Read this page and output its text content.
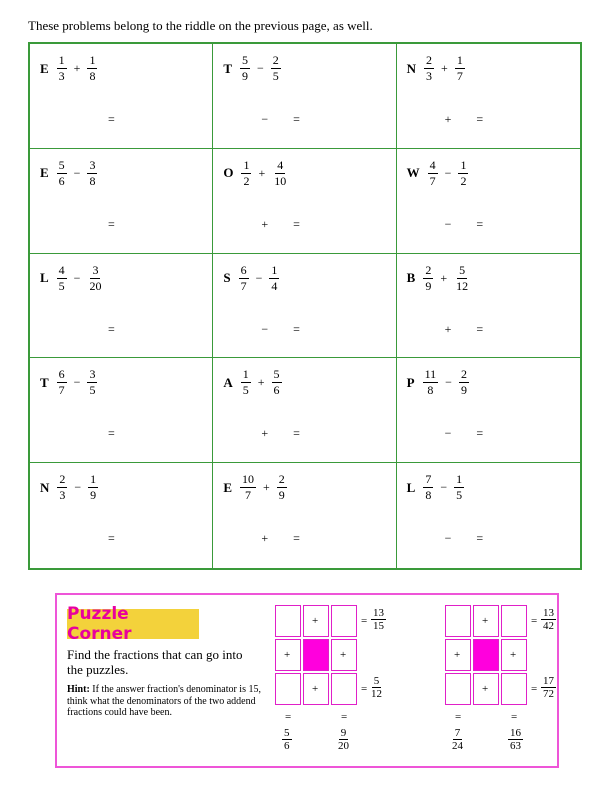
These problems belong to the riddle on the previous page, as well.
E $\frac{1}{3} + \frac{1}{8}$
=
T $\frac{5}{9} - \frac{2}{5}$
− =
N $\frac{2}{3} + \frac{1}{7}$
+ =
E $\frac{5}{6} - \frac{3}{8}$
=
O $\frac{1}{2} + \frac{4}{10}$
+ =
W $\frac{4}{7} - \frac{1}{2}$
− =
L $\frac{4}{5} - \frac{3}{20}$
=
S $\frac{6}{7} - \frac{1}{4}$
− =
B $\frac{2}{9} + \frac{5}{12}$
+ =
T $\frac{6}{7} - \frac{3}{5}$
=
A $\frac{1}{5} + \frac{5}{6}$
+ =
P $\frac{11}{8} - \frac{2}{9}$
− =
N $\frac{2}{3} - \frac{1}{9}$
=
E $\frac{10}{7} + \frac{2}{9}$
+ =
L $\frac{7}{8} - \frac{1}{5}$
− =
Puzzle Corner
Find the fractions that can go into the puzzles.
Hint: If the answer fraction's denominator is 15, think what the denominators of the two addend fractions could have been.
+
+	+
+
=
13
15
=
5
12
=
5
6
=
9
20
+
+	+
+
=
13
42
=
17
72
=
7
24
=
16
63
